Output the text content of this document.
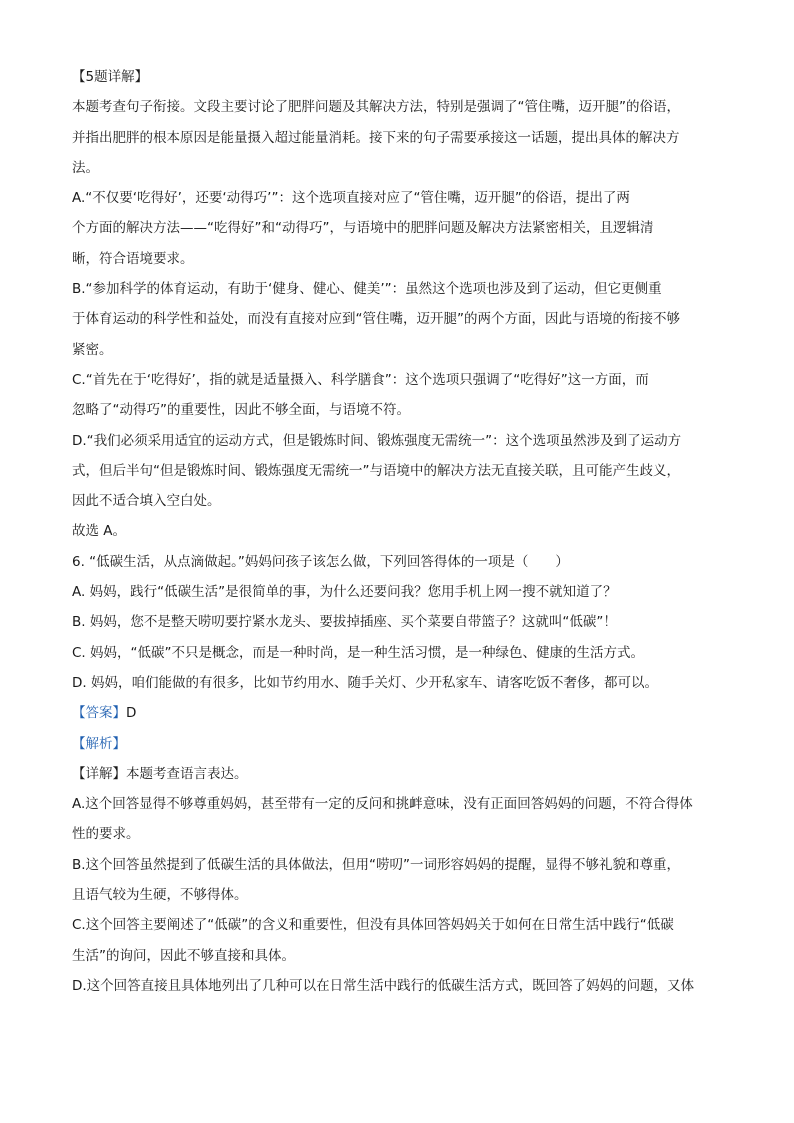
【5题详解】
本题考查句子衔接。文段主要讨论了肥胖问题及其解决方法，特别是强调了“管住嘴，迈开腿”的俗语，
并指出肥胖的根本原因是能量摄入超过能量消耗。接下来的句子需要承接这一话题，提出具体的解决方
法。
A.“不仅要‘吃得好’，还要‘动得巧’”：这个选项直接对应了“管住嘴，迈开腿”的俗语，提出了两
个方面的解决方法——“吃得好”和“动得巧”，与语境中的肥胖问题及解决方法紧密相关，且逻辑清
晰，符合语境要求。
B.“参加科学的体育运动，有助于‘健身、健心、健美’”：虽然这个选项也涉及到了运动，但它更侧重
于体育运动的科学性和益处，而没有直接对应到“管住嘴，迈开腿”的两个方面，因此与语境的衔接不够
紧密。
C.“首先在于‘吃得好’，指的就是适量摄入、科学膳食”：这个选项只强调了“吃得好”这一方面，而
忽略了“动得巧”的重要性，因此不够全面，与语境不符。
D.“我们必须采用适宜的运动方式，但是锻炼时间、锻炼强度无需统一”：这个选项虽然涉及到了运动方
式，但后半句“但是锻炼时间、锻炼强度无需统一”与语境中的解决方法无直接关联，且可能产生歧义，
因此不适合填入空白处。
故选 A。
6. “低碳生活，从点滴做起。”妈妈问孩子该怎么做，下列回答得体的一项是（　　）
A. 妈妈，践行“低碳生活”是很简单的事，为什么还要问我？您用手机上网一搜不就知道了？
B. 妈妈，您不是整天唠叨要拧紧水龙头、要拔掉插座、买个菜要自带篮子？这就叫“低碳”！
C. 妈妈，“低碳”不只是概念，而是一种时尚，是一种生活习惯，是一种绿色、健康的生活方式。
D. 妈妈，咱们能做的有很多，比如节约用水、随手关灯、少开私家车、请客吃饭不奢侈，都可以。
【答案】D
【解析】
【详解】本题考查语言表达。
A.这个回答显得不够尊重妈妈，甚至带有一定的反问和挑衅意味，没有正面回答妈妈的问题，不符合得体
性的要求。
B.这个回答虽然提到了低碳生活的具体做法，但用“唠叨”一词形容妈妈的提醒，显得不够礼貌和尊重，
且语气较为生硬，不够得体。
C.这个回答主要阐述了“低碳”的含义和重要性，但没有具体回答妈妈关于如何在日常生活中践行“低碳
生活”的询问，因此不够直接和具体。
D.这个回答直接且具体地列出了几种可以在日常生活中践行的低碳生活方式，既回答了妈妈的问题，又体
